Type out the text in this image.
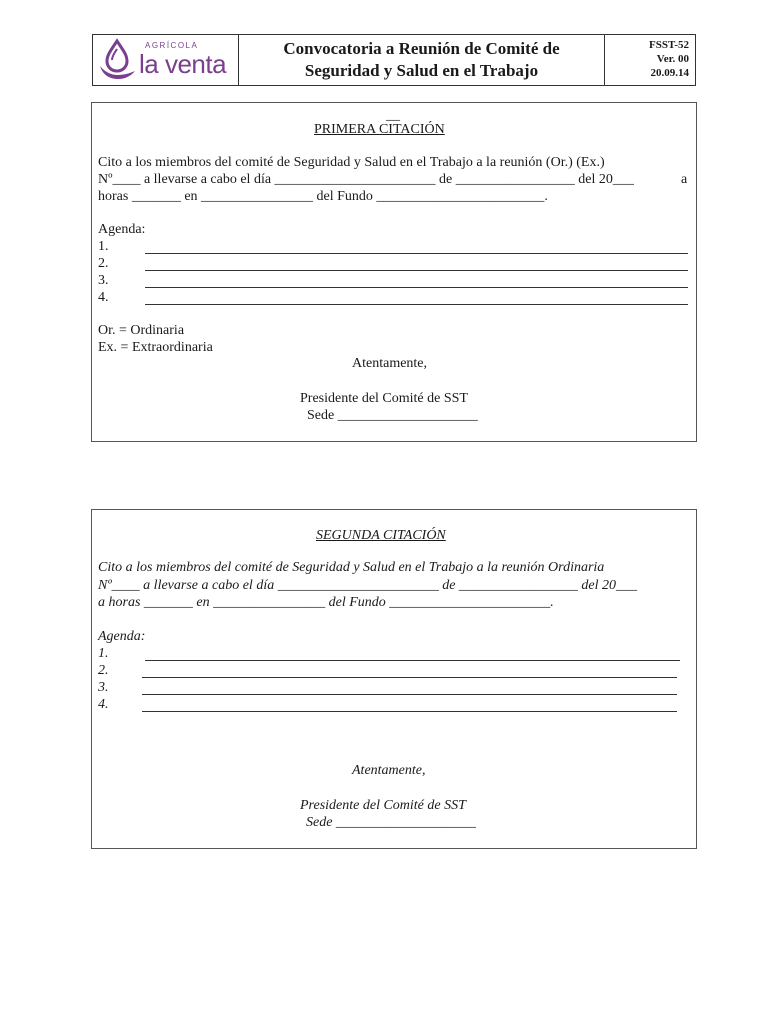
AGRÍCOLA
la venta
Convocatoria a Reunión de Comité de
Seguridad y Salud en el Trabajo
FSST-52
Ver. 00
20.09.14
__
PRIMERA CITACIÓN
Cito a los miembros del comité de Seguridad y Salud en el Trabajo a la reunión (Or.) (Ex.)
Nº____ a llevarse a cabo el día _______________________ de _________________ del 20___	a
horas _______ en ________________ del Fundo ________________________.
Agenda:
1.
2.
3.
4.
Or. = Ordinaria
Ex. = Extraordinaria
Atentamente,
Presidente del Comité de SST
Sede ____________________
SEGUNDA CITACIÓN
Cito a los miembros del comité de Seguridad y Salud en el Trabajo a la reunión Ordinaria
Nº____ a llevarse a cabo el día _______________________ de _________________ del 20___
a horas _______ en ________________ del Fundo _______________________.
Agenda:
1.
2.
3.
4.
Atentamente,
Presidente del Comité de SST
Sede ____________________
